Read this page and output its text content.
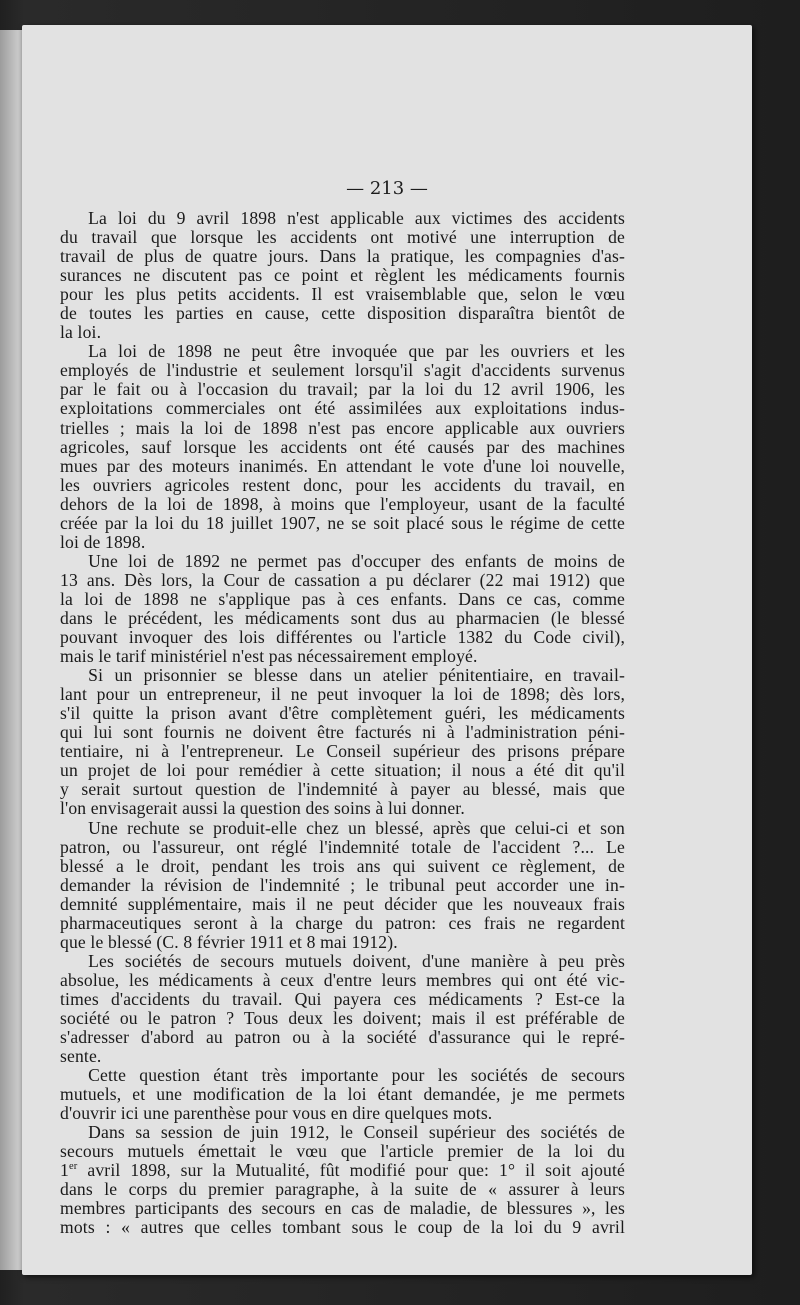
— 213 —
La loi du 9 avril 1898 n'est applicable aux victimes des accidents
du travail que lorsque les accidents ont motivé une interruption de
travail de plus de quatre jours. Dans la pratique, les compagnies d'as-
surances ne discutent pas ce point et règlent les médicaments fournis
pour les plus petits accidents. Il est vraisemblable que, selon le vœu
de toutes les parties en cause, cette disposition disparaîtra bientôt de
la loi.
La loi de 1898 ne peut être invoquée que par les ouvriers et les
employés de l'industrie et seulement lorsqu'il s'agit d'accidents survenus
par le fait ou à l'occasion du travail; par la loi du 12 avril 1906, les
exploitations commerciales ont été assimilées aux exploitations indus-
trielles ; mais la loi de 1898 n'est pas encore applicable aux ouvriers
agricoles, sauf lorsque les accidents ont été causés par des machines
mues par des moteurs inanimés. En attendant le vote d'une loi nouvelle,
les ouvriers agricoles restent donc, pour les accidents du travail, en
dehors de la loi de 1898, à moins que l'employeur, usant de la faculté
créée par la loi du 18 juillet 1907, ne se soit placé sous le régime de cette
loi de 1898.
Une loi de 1892 ne permet pas d'occuper des enfants de moins de
13 ans. Dès lors, la Cour de cassation a pu déclarer (22 mai 1912) que
la loi de 1898 ne s'applique pas à ces enfants. Dans ce cas, comme
dans le précédent, les médicaments sont dus au pharmacien (le blessé
pouvant invoquer des lois différentes ou l'article 1382 du Code civil),
mais le tarif ministériel n'est pas nécessairement employé.
Si un prisonnier se blesse dans un atelier pénitentiaire, en travail-
lant pour un entrepreneur, il ne peut invoquer la loi de 1898; dès lors,
s'il quitte la prison avant d'être complètement guéri, les médicaments
qui lui sont fournis ne doivent être facturés ni à l'administration péni-
tentiaire, ni à l'entrepreneur. Le Conseil supérieur des prisons prépare
un projet de loi pour remédier à cette situation; il nous a été dit qu'il
y serait surtout question de l'indemnité à payer au blessé, mais que
l'on envisagerait aussi la question des soins à lui donner.
Une rechute se produit-elle chez un blessé, après que celui-ci et son
patron, ou l'assureur, ont réglé l'indemnité totale de l'accident ?... Le
blessé a le droit, pendant les trois ans qui suivent ce règlement, de
demander la révision de l'indemnité ; le tribunal peut accorder une in-
demnité supplémentaire, mais il ne peut décider que les nouveaux frais
pharmaceutiques seront à la charge du patron: ces frais ne regardent
que le blessé (C. 8 février 1911 et 8 mai 1912).
Les sociétés de secours mutuels doivent, d'une manière à peu près
absolue, les médicaments à ceux d'entre leurs membres qui ont été vic-
times d'accidents du travail. Qui payera ces médicaments ? Est-ce la
société ou le patron ? Tous deux les doivent; mais il est préférable de
s'adresser d'abord au patron ou à la société d'assurance qui le repré-
sente.
Cette question étant très importante pour les sociétés de secours
mutuels, et une modification de la loi étant demandée, je me permets
d'ouvrir ici une parenthèse pour vous en dire quelques mots.
Dans sa session de juin 1912, le Conseil supérieur des sociétés de
secours mutuels émettait le vœu que l'article premier de la loi du
1er avril 1898, sur la Mutualité, fût modifié pour que: 1° il soit ajouté
dans le corps du premier paragraphe, à la suite de « assurer à leurs
membres participants des secours en cas de maladie, de blessures », les
mots : « autres que celles tombant sous le coup de la loi du 9 avril
